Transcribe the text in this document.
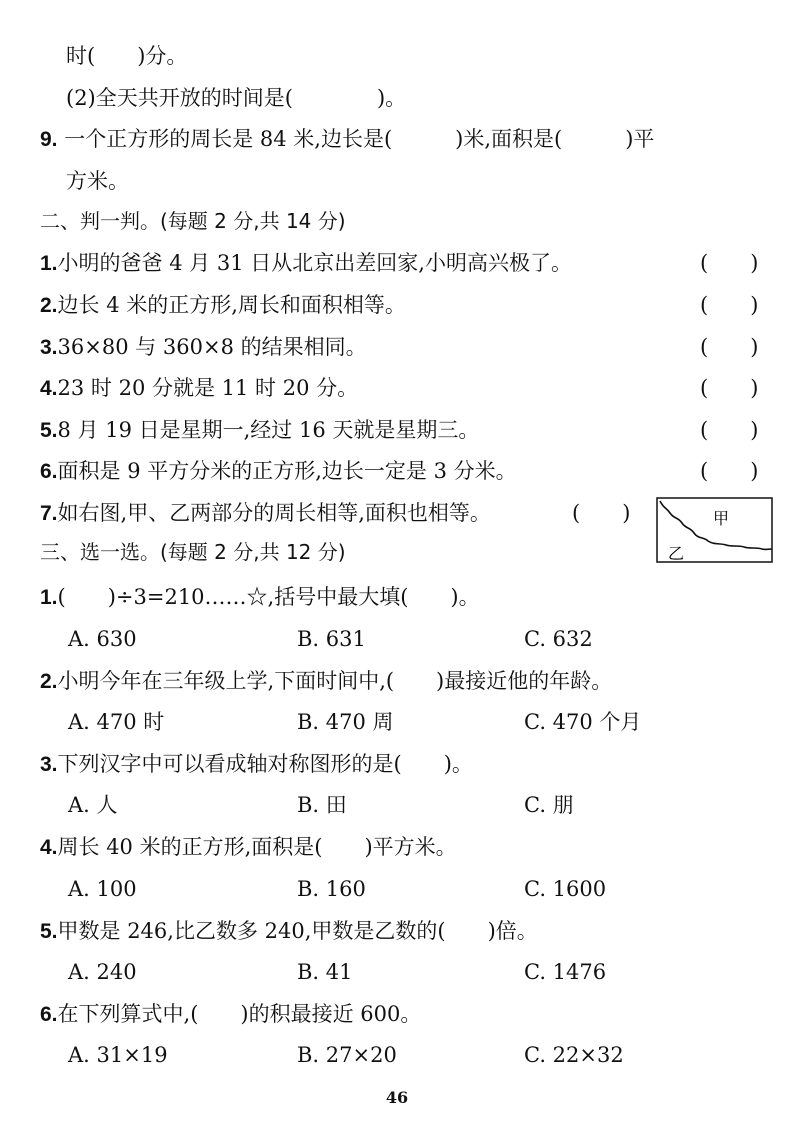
时(　　)分。
(2)全天共开放的时间是(　　　　)。
9. 一个正方形的周长是 84 米,边长是(　　　)米,面积是(　　　)平
方米。
二、判一判。(每题 2 分,共 14 分)
1.小明的爸爸 4 月 31 日从北京出差回家,小明高兴极了。	(　　)
2.边长 4 米的正方形,周长和面积相等。	(　　)
3.36×80 与 360×8 的结果相同。	(　　)
4.23 时 20 分就是 11 时 20 分。	(　　)
5.8 月 19 日是星期一,经过 16 天就是星期三。	(　　)
6.面积是 9 平方分米的正方形,边长一定是 3 分米。	(　　)
7.如右图,甲、乙两部分的周长相等,面积也相等。	(　　)	甲
乙
三、选一选。(每题 2 分,共 12 分)
1.(　　)÷3=210……☆,括号中最大填(　　)。
A. 630	B. 631	C. 632
2.小明今年在三年级上学,下面时间中,(　　)最接近他的年龄。
A. 470 时	B. 470 周	C. 470 个月
3.下列汉字中可以看成轴对称图形的是(　　)。
A. 人	B. 田	C. 朋
4.周长 40 米的正方形,面积是(　　)平方米。
A. 100	B. 160	C. 1600
5.甲数是 246,比乙数多 240,甲数是乙数的(　　)倍。
A. 240	B. 41	C. 1476
6.在下列算式中,(　　)的积最接近 600。
A. 31×19	B. 27×20	C. 22×32
46
